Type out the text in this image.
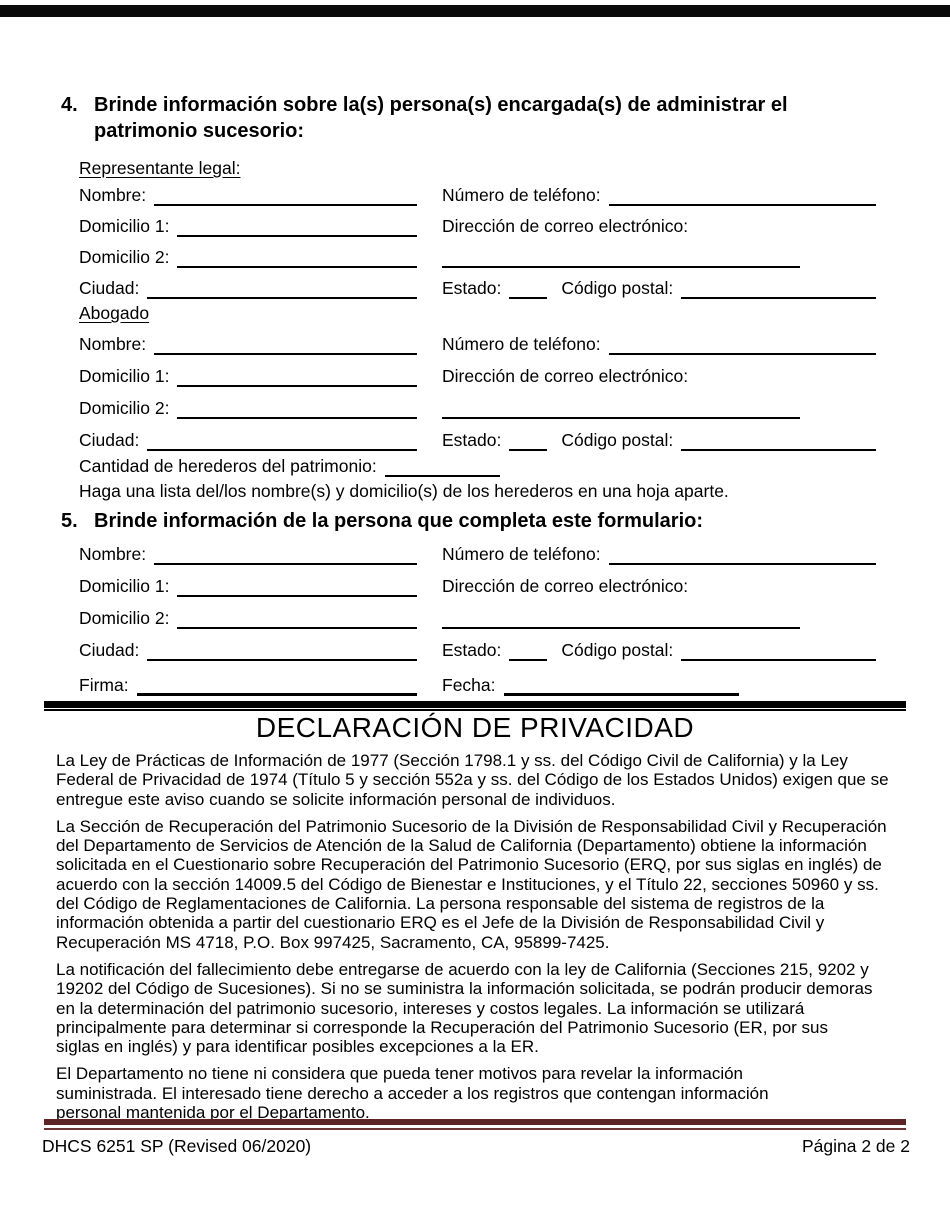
4. Brinde información sobre la(s) persona(s) encargada(s) de administrar el patrimonio sucesorio:
Representante legal:
Nombre:	Número de teléfono:
Domicilio 1:	Dirección de correo electrónico:
Domicilio 2:
Ciudad:	Estado:	Código postal:
Abogado
Nombre:	Número de teléfono:
Domicilio 1:	Dirección de correo electrónico:
Domicilio 2:
Ciudad:	Estado:	Código postal:
Cantidad de herederos del patrimonio:
Haga una lista del/los nombre(s) y domicilio(s) de los herederos en una hoja aparte.
5. Brinde información de la persona que completa este formulario:
Nombre:	Número de teléfono:
Domicilio 1:	Dirección de correo electrónico:
Domicilio 2:
Ciudad:	Estado:	Código postal:
Firma:	Fecha:
DECLARACIÓN DE PRIVACIDAD
La Ley de Prácticas de Información de 1977 (Sección 1798.1 y ss. del Código Civil de California) y la Ley
Federal de Privacidad de 1974 (Título 5 y sección 552a y ss. del Código de los Estados Unidos) exigen que se
entregue este aviso cuando se solicite información personal de individuos.
La Sección de Recuperación del Patrimonio Sucesorio de la División de Responsabilidad Civil y Recuperación
del Departamento de Servicios de Atención de la Salud de California (Departamento) obtiene la información
solicitada en el Cuestionario sobre Recuperación del Patrimonio Sucesorio (ERQ, por sus siglas en inglés) de
acuerdo con la sección 14009.5 del Código de Bienestar e Instituciones, y el Título 22, secciones 50960 y ss.
del Código de Reglamentaciones de California. La persona responsable del sistema de registros de la
información obtenida a partir del cuestionario ERQ es el Jefe de la División de Responsabilidad Civil y
Recuperación MS 4718, P.O. Box 997425, Sacramento, CA, 95899-7425.
La notificación del fallecimiento debe entregarse de acuerdo con la ley de California (Secciones 215, 9202 y
19202 del Código de Sucesiones). Si no se suministra la información solicitada, se podrán producir demoras
en la determinación del patrimonio sucesorio, intereses y costos legales. La información se utilizará
principalmente para determinar si corresponde la Recuperación del Patrimonio Sucesorio (ER, por sus
siglas en inglés) y para identificar posibles excepciones a la ER.
El Departamento no tiene ni considera que pueda tener motivos para revelar la información
suministrada. El interesado tiene derecho a acceder a los registros que contengan información
personal mantenida por el Departamento.
DHCS 6251 SP (Revised 06/2020)	Página 2 de 2
